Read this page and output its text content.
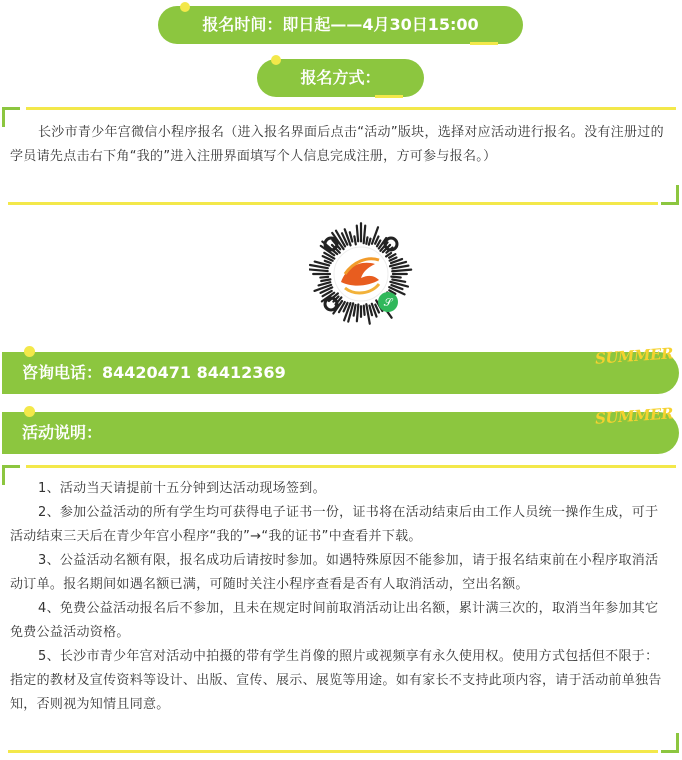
报名时间：即日起——4月30日15:00
报名方式：
长沙市青少年宫微信小程序报名（进入报名界面后点击“活动”版块，选择对应活动进行报名。没有注册过的学员请先点击右下角“我的”进入注册界面填写个人信息完成注册，方可参与报名。）
𝒮
咨询电话：84420471 84412369
SUMMER
活动说明：
SUMMER
1、活动当天请提前十五分钟到达活动现场签到。
2、参加公益活动的所有学生均可获得电子证书一份，证书将在活动结束后由工作人员统一操作生成，可于活动结束三天后在青少年宫小程序“我的”→“我的证书”中查看并下载。
3、公益活动名额有限，报名成功后请按时参加。如遇特殊原因不能参加，请于报名结束前在小程序取消活动订单。报名期间如遇名额已满，可随时关注小程序查看是否有人取消活动，空出名额。
4、免费公益活动报名后不参加，且未在规定时间前取消活动让出名额，累计满三次的，取消当年参加其它免费公益活动资格。
5、长沙市青少年宫对活动中拍摄的带有学生肖像的照片或视频享有永久使用权。使用方式包括但不限于：指定的教材及宣传资料等设计、出版、宣传、展示、展览等用途。如有家长不支持此项内容，请于活动前单独告知，否则视为知情且同意。
